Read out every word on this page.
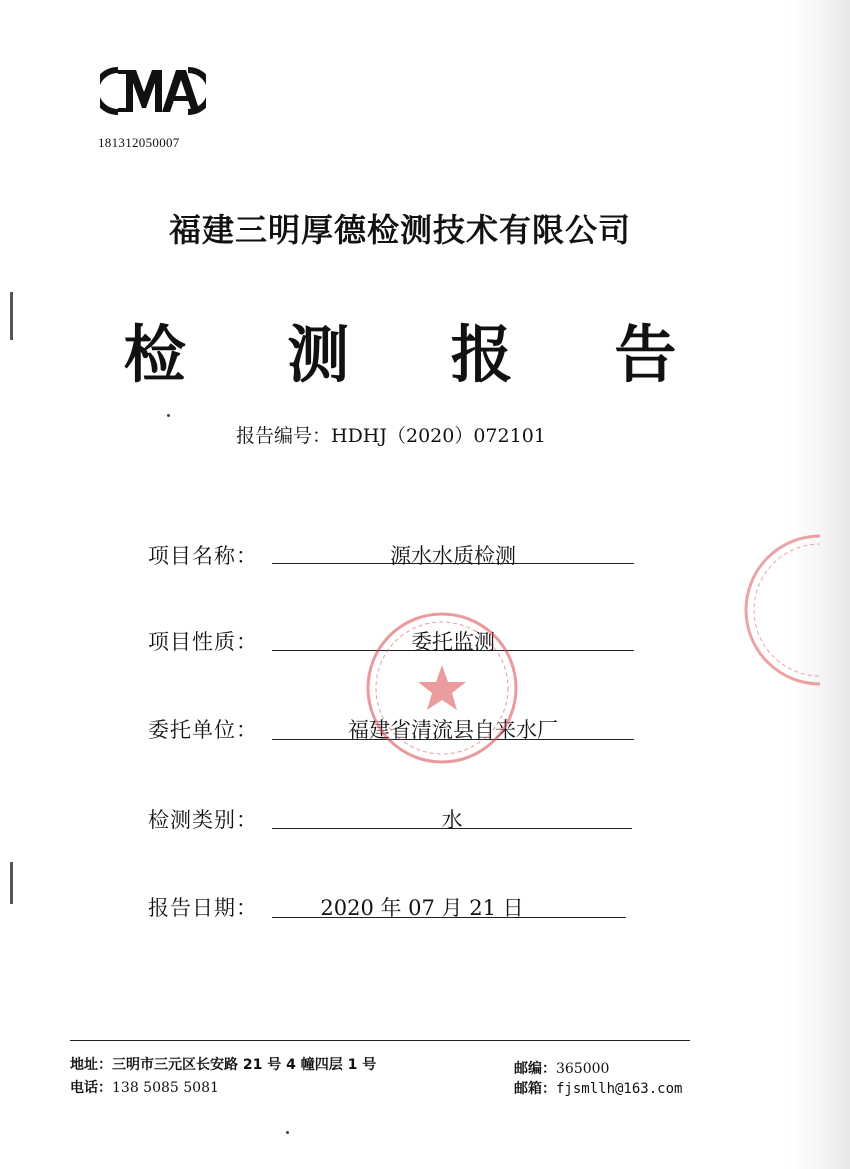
181312050007
福建三明厚德检测技术有限公司
检 测 报 告
报告编号：HDHJ（2020）072101
项目名称：	源水水质检测
项目性质：	委托监测
委托单位：	福建省清流县自来水厂
检测类别：	水
报告日期：	2020 年 07 月 21 日
地址：三明市三元区长安路 21 号 4 幢四层 1 号
电话：138 5085 5081
邮编：365000
邮箱：fjsmllh@163.com
